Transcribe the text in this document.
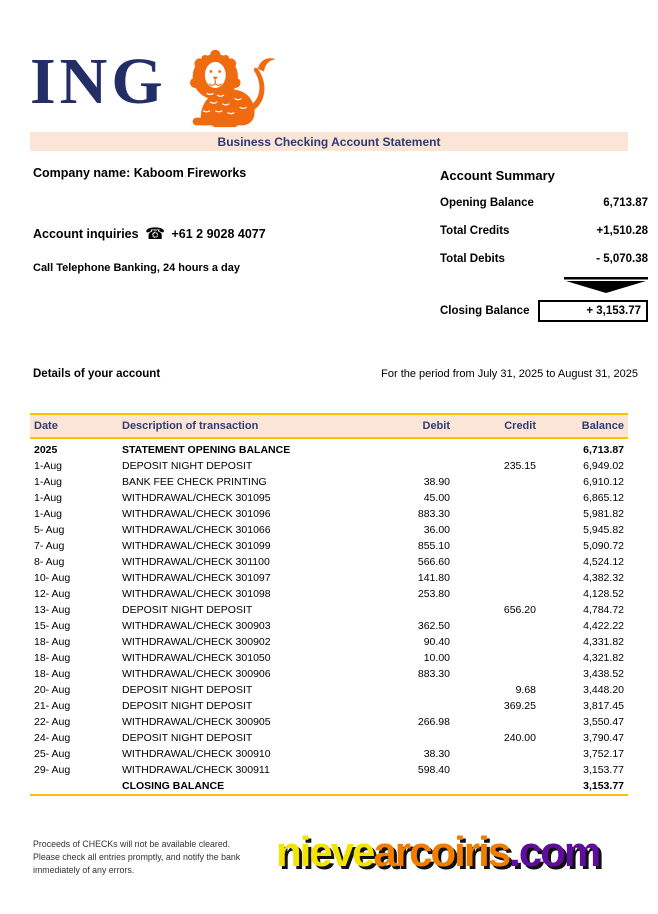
ING
Business Checking Account Statement
Company name: Kaboom Fireworks
Account inquiries ☎ +61 2 9028 4077
Call Telephone Banking, 24 hours a day
Account Summary
Opening Balance	6,713.87
Total Credits	+1,510.28
Total Debits	- 5,070.38
Closing Balance	+ 3,153.77
Details of your account	For the period from July 31, 2025 to August 31, 2025
Date	Description of transaction	Debit	Credit	Balance
2025	STATEMENT OPENING BALANCE			6,713.87
1-Aug	DEPOSIT NIGHT DEPOSIT		235.15	6,949.02
1-Aug	BANK FEE CHECK PRINTING	38.90		6,910.12
1-Aug	WITHDRAWAL/CHECK 301095	45.00		6,865.12
1-Aug	WITHDRAWAL/CHECK 301096	883.30		5,981.82
5- Aug	WITHDRAWAL/CHECK 301066	36.00		5,945.82
7- Aug	WITHDRAWAL/CHECK 301099	855.10		5,090.72
8- Aug	WITHDRAWAL/CHECK 301100	566.60		4,524.12
10- Aug	WITHDRAWAL/CHECK 301097	141.80		4,382.32
12- Aug	WITHDRAWAL/CHECK 301098	253.80		4,128.52
13- Aug	DEPOSIT NIGHT DEPOSIT		656.20	4,784.72
15- Aug	WITHDRAWAL/CHECK 300903	362.50		4,422.22
18- Aug	WITHDRAWAL/CHECK 300902	90.40		4,331.82
18- Aug	WITHDRAWAL/CHECK 301050	10.00		4,321.82
18- Aug	WITHDRAWAL/CHECK 300906	883.30		3,438.52
20- Aug	DEPOSIT NIGHT DEPOSIT		9.68	3,448.20
21- Aug	DEPOSIT NIGHT DEPOSIT		369.25	3,817.45
22- Aug	WITHDRAWAL/CHECK 300905	266.98		3,550.47
24- Aug	DEPOSIT NIGHT DEPOSIT		240.00	3,790.47
25- Aug	WITHDRAWAL/CHECK 300910	38.30		3,752.17
29- Aug	WITHDRAWAL/CHECK 300911	598.40		3,153.77
	CLOSING BALANCE			3,153.77
Proceeds of CHECKs will not be available cleared. Please check all entries promptly, and notify the bank immediately of any errors.	nievearcoiris.com
